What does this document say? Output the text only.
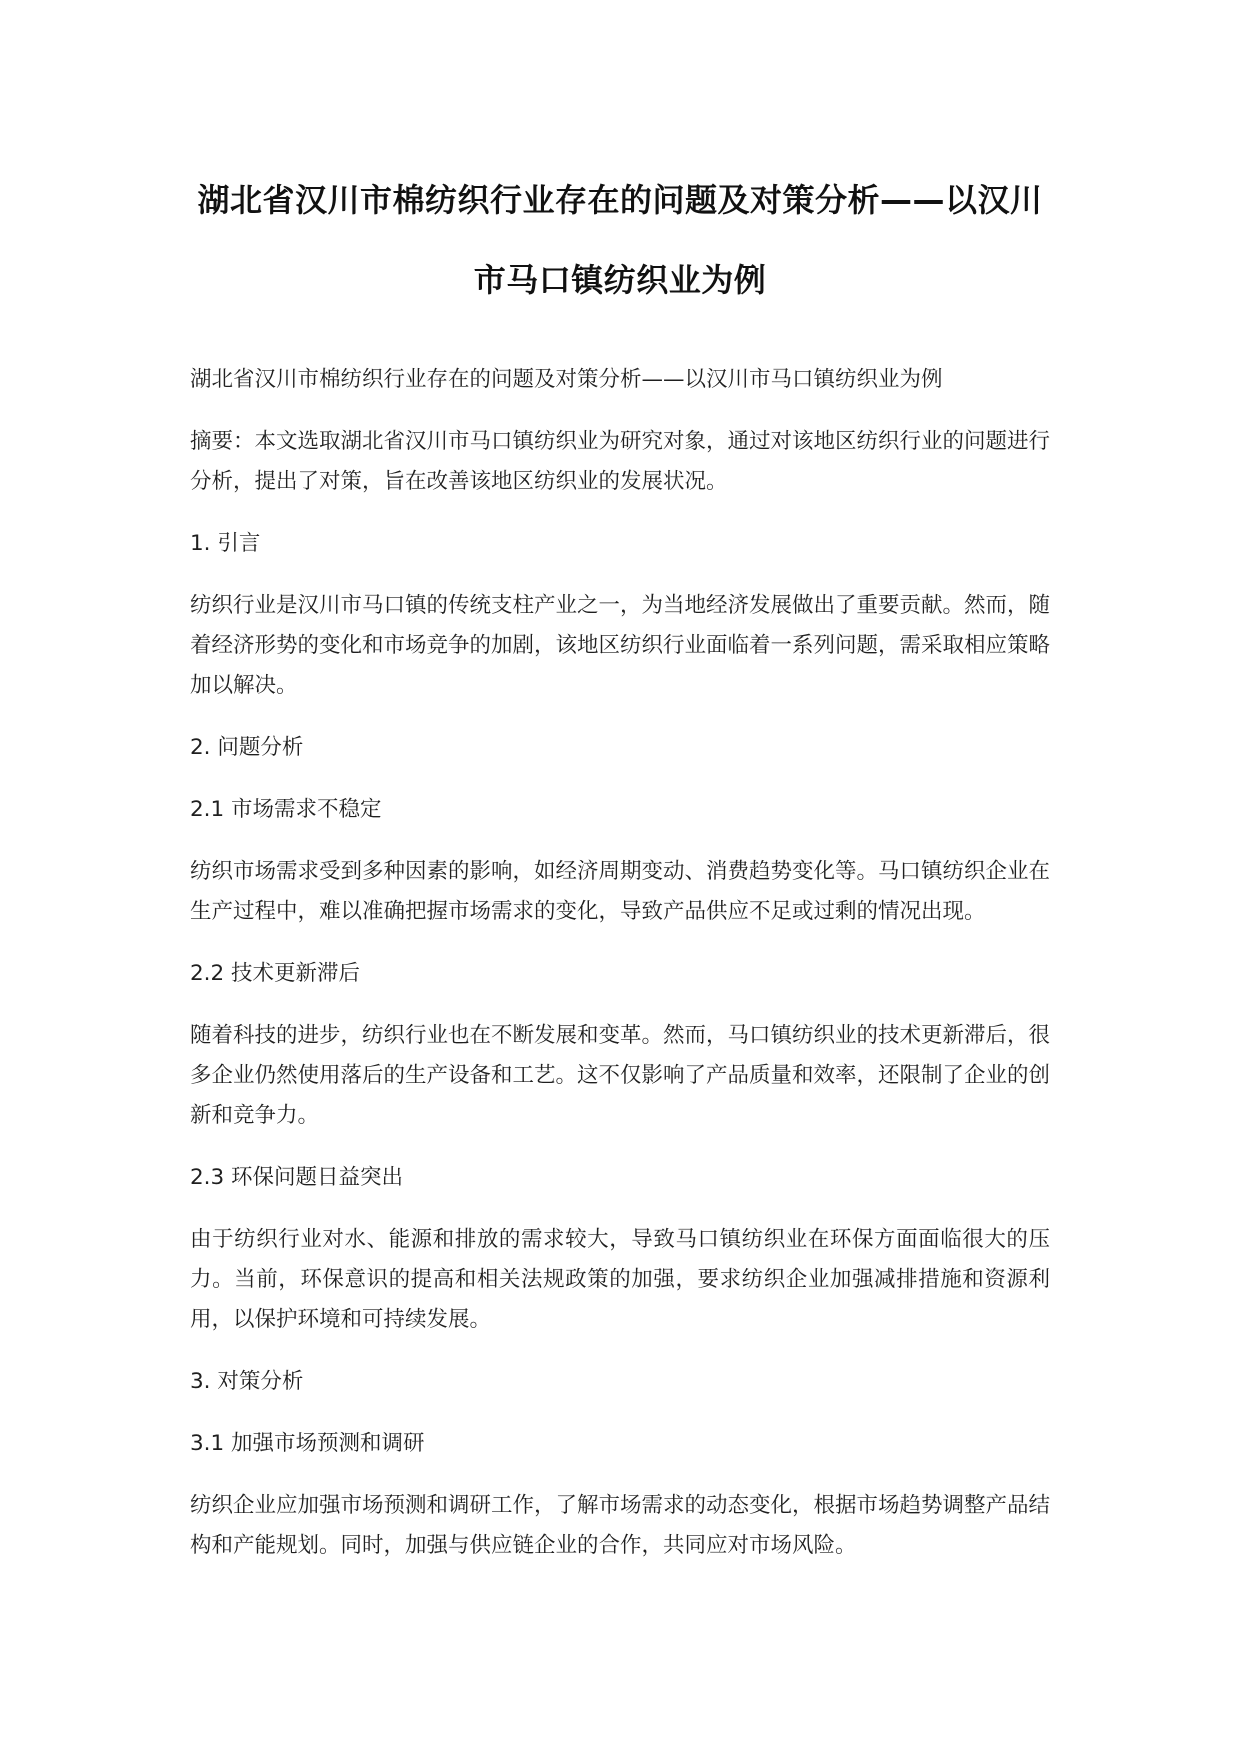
湖北省汉川市棉纺织行业存在的问题及对策分析——以汉川市马口镇纺织业为例

湖北省汉川市棉纺织行业存在的问题及对策分析——以汉川市马口镇纺织业为例

摘要：本文选取湖北省汉川市马口镇纺织业为研究对象，通过对该地区纺织行业的问题进行分析，提出了对策，旨在改善该地区纺织业的发展状况。

1. 引言

纺织行业是汉川市马口镇的传统支柱产业之一，为当地经济发展做出了重要贡献。然而，随着经济形势的变化和市场竞争的加剧，该地区纺织行业面临着一系列问题，需采取相应策略加以解决。

2. 问题分析
2.1 市场需求不稳定

纺织市场需求受到多种因素的影响，如经济周期变动、消费趋势变化等。马口镇纺织企业在生产过程中，难以准确把握市场需求的变化，导致产品供应不足或过剩的情况出现。

2.2 技术更新滞后

随着科技的进步，纺织行业也在不断发展和变革。然而，马口镇纺织业的技术更新滞后，很多企业仍然使用落后的生产设备和工艺。这不仅影响了产品质量和效率，还限制了企业的创新和竞争力。

2.3 环保问题日益突出

由于纺织行业对水、能源和排放的需求较大，导致马口镇纺织业在环保方面面临很大的压力。当前，环保意识的提高和相关法规政策的加强，要求纺织企业加强减排措施和资源利用，以保护环境和可持续发展。

3. 对策分析
3.1 加强市场预测和调研

纺织企业应加强市场预测和调研工作，了解市场需求的动态变化，根据市场趋势调整产品结构和产能规划。同时，加强与供应链企业的合作，共同应对市场风险。
